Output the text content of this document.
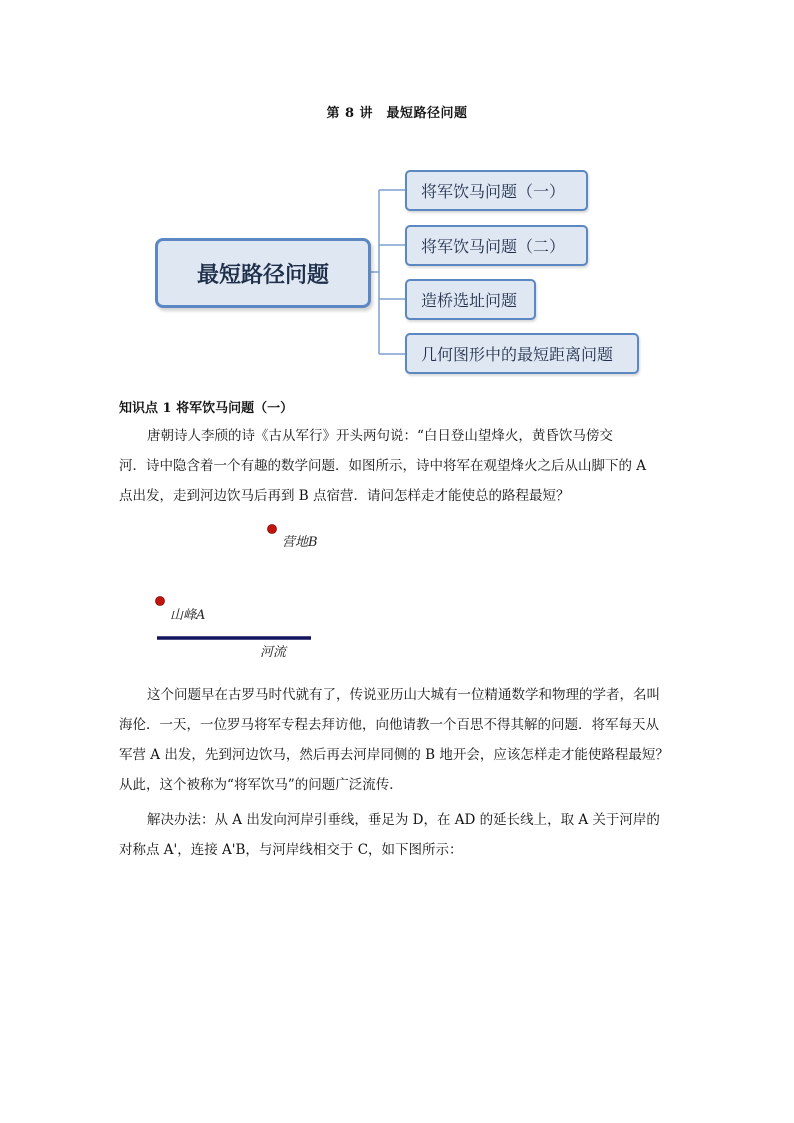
第 8 讲　最短路径问题
最短路径问题
将军饮马问题（一）
将军饮马问题（二）
造桥选址问题
几何图形中的最短距离问题
知识点 1 将军饮马问题（一）
唐朝诗人李颀的诗《古从军行》开头两句说：“白日登山望烽火，黄昏饮马傍交
河．诗中隐含着一个有趣的数学问题．如图所示，诗中将军在观望烽火之后从山脚下的 A
点出发，走到河边饮马后再到 B 点宿营．请问怎样走才能使总的路程最短？
营地B
山峰A
河流
这个问题早在古罗马时代就有了，传说亚历山大城有一位精通数学和物理的学者，名叫
海伦．一天，一位罗马将军专程去拜访他，向他请教一个百思不得其解的问题．将军每天从
军营 A 出发，先到河边饮马，然后再去河岸同侧的 B 地开会，应该怎样走才能使路程最短？
从此，这个被称为“将军饮马”的问题广泛流传．
解决办法：从 A 出发向河岸引垂线，垂足为 D，在 AD 的延长线上，取 A 关于河岸的
对称点 A'，连接 A'B，与河岸线相交于 C，如下图所示：
